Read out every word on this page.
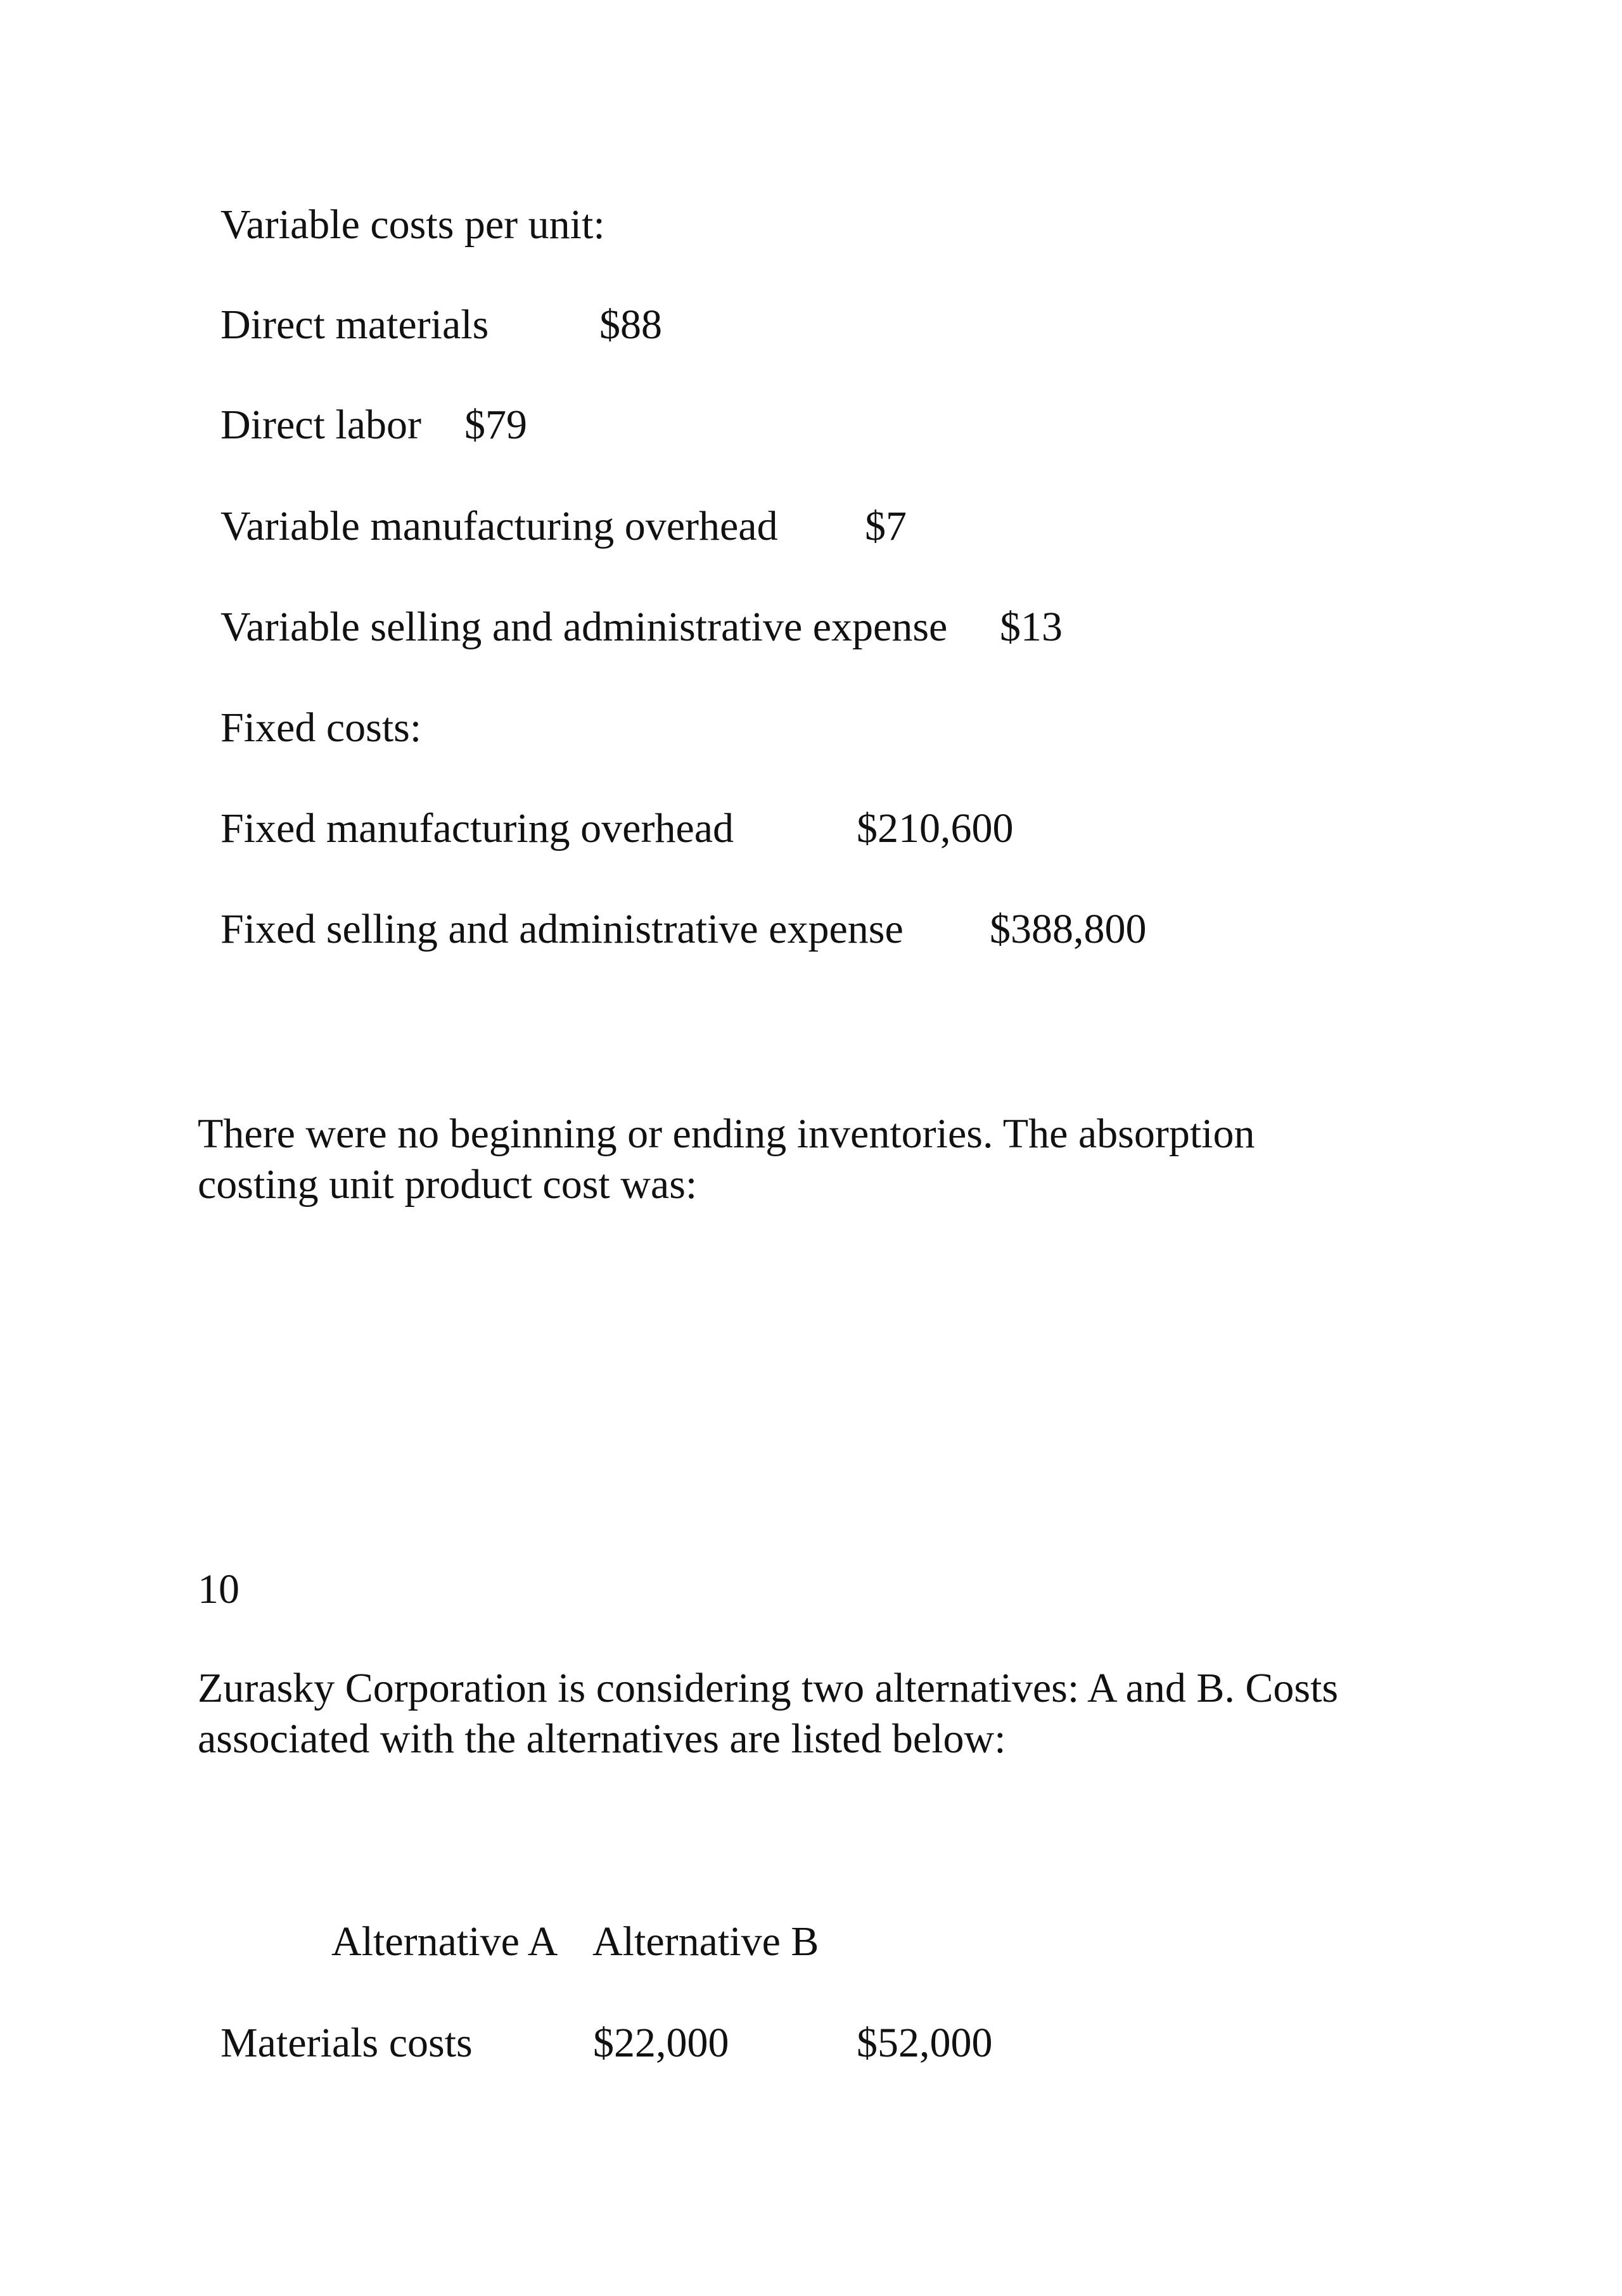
Variable costs per unit:
Direct materials	$88
Direct labor $79
Variable manufacturing overhead $7
Variable selling and administrative expense $13
Fixed costs:
Fixed manufacturing overhead	$210,600
Fixed selling and administrative expense $388,800
There were no beginning or ending inventories. The absorption
costing unit product cost was:
10
Zurasky Corporation is considering two alternatives: A and B. Costs
associated with the alternatives are listed below:
Alternative A Alternative B
Materials costs	$22,000	$52,000
